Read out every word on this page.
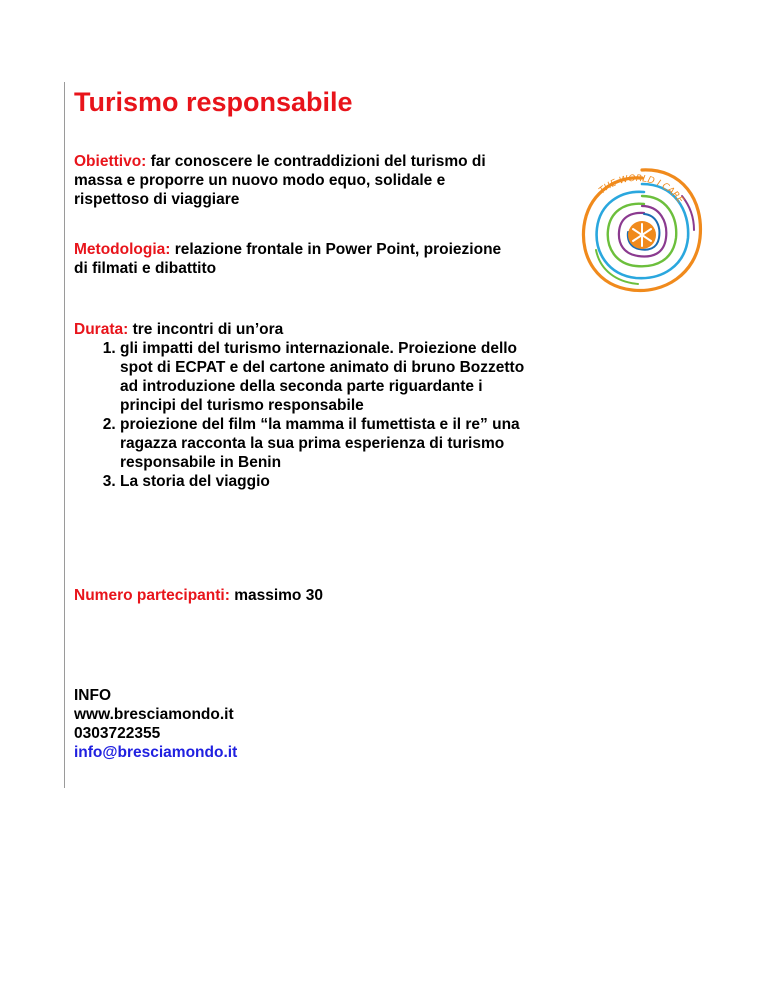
Turismo responsabile

Obiettivo: far conoscere le contraddizioni del turismo di massa e proporre un nuovo modo equo, solidale e rispettoso di viaggiare

Metodologia: relazione frontale in Power Point, proiezione di filmati e dibattito

Durata: tre incontri di un’ora

1. gli impatti del turismo internazionale. Proiezione dello spot di ECPAT e del cartone animato di bruno Bozzetto ad introduzione della seconda parte riguardante i principi del turismo responsabile
2. proiezione del film “la mamma il fumettista e il re” una ragazza racconta la sua prima esperienza di turismo responsabile in Benin
3. La storia del viaggio

Numero partecipanti: massimo 30

INFO
www.bresciamondo.it
0303722355
info@bresciamondo.it
THE WORLD I CARE
